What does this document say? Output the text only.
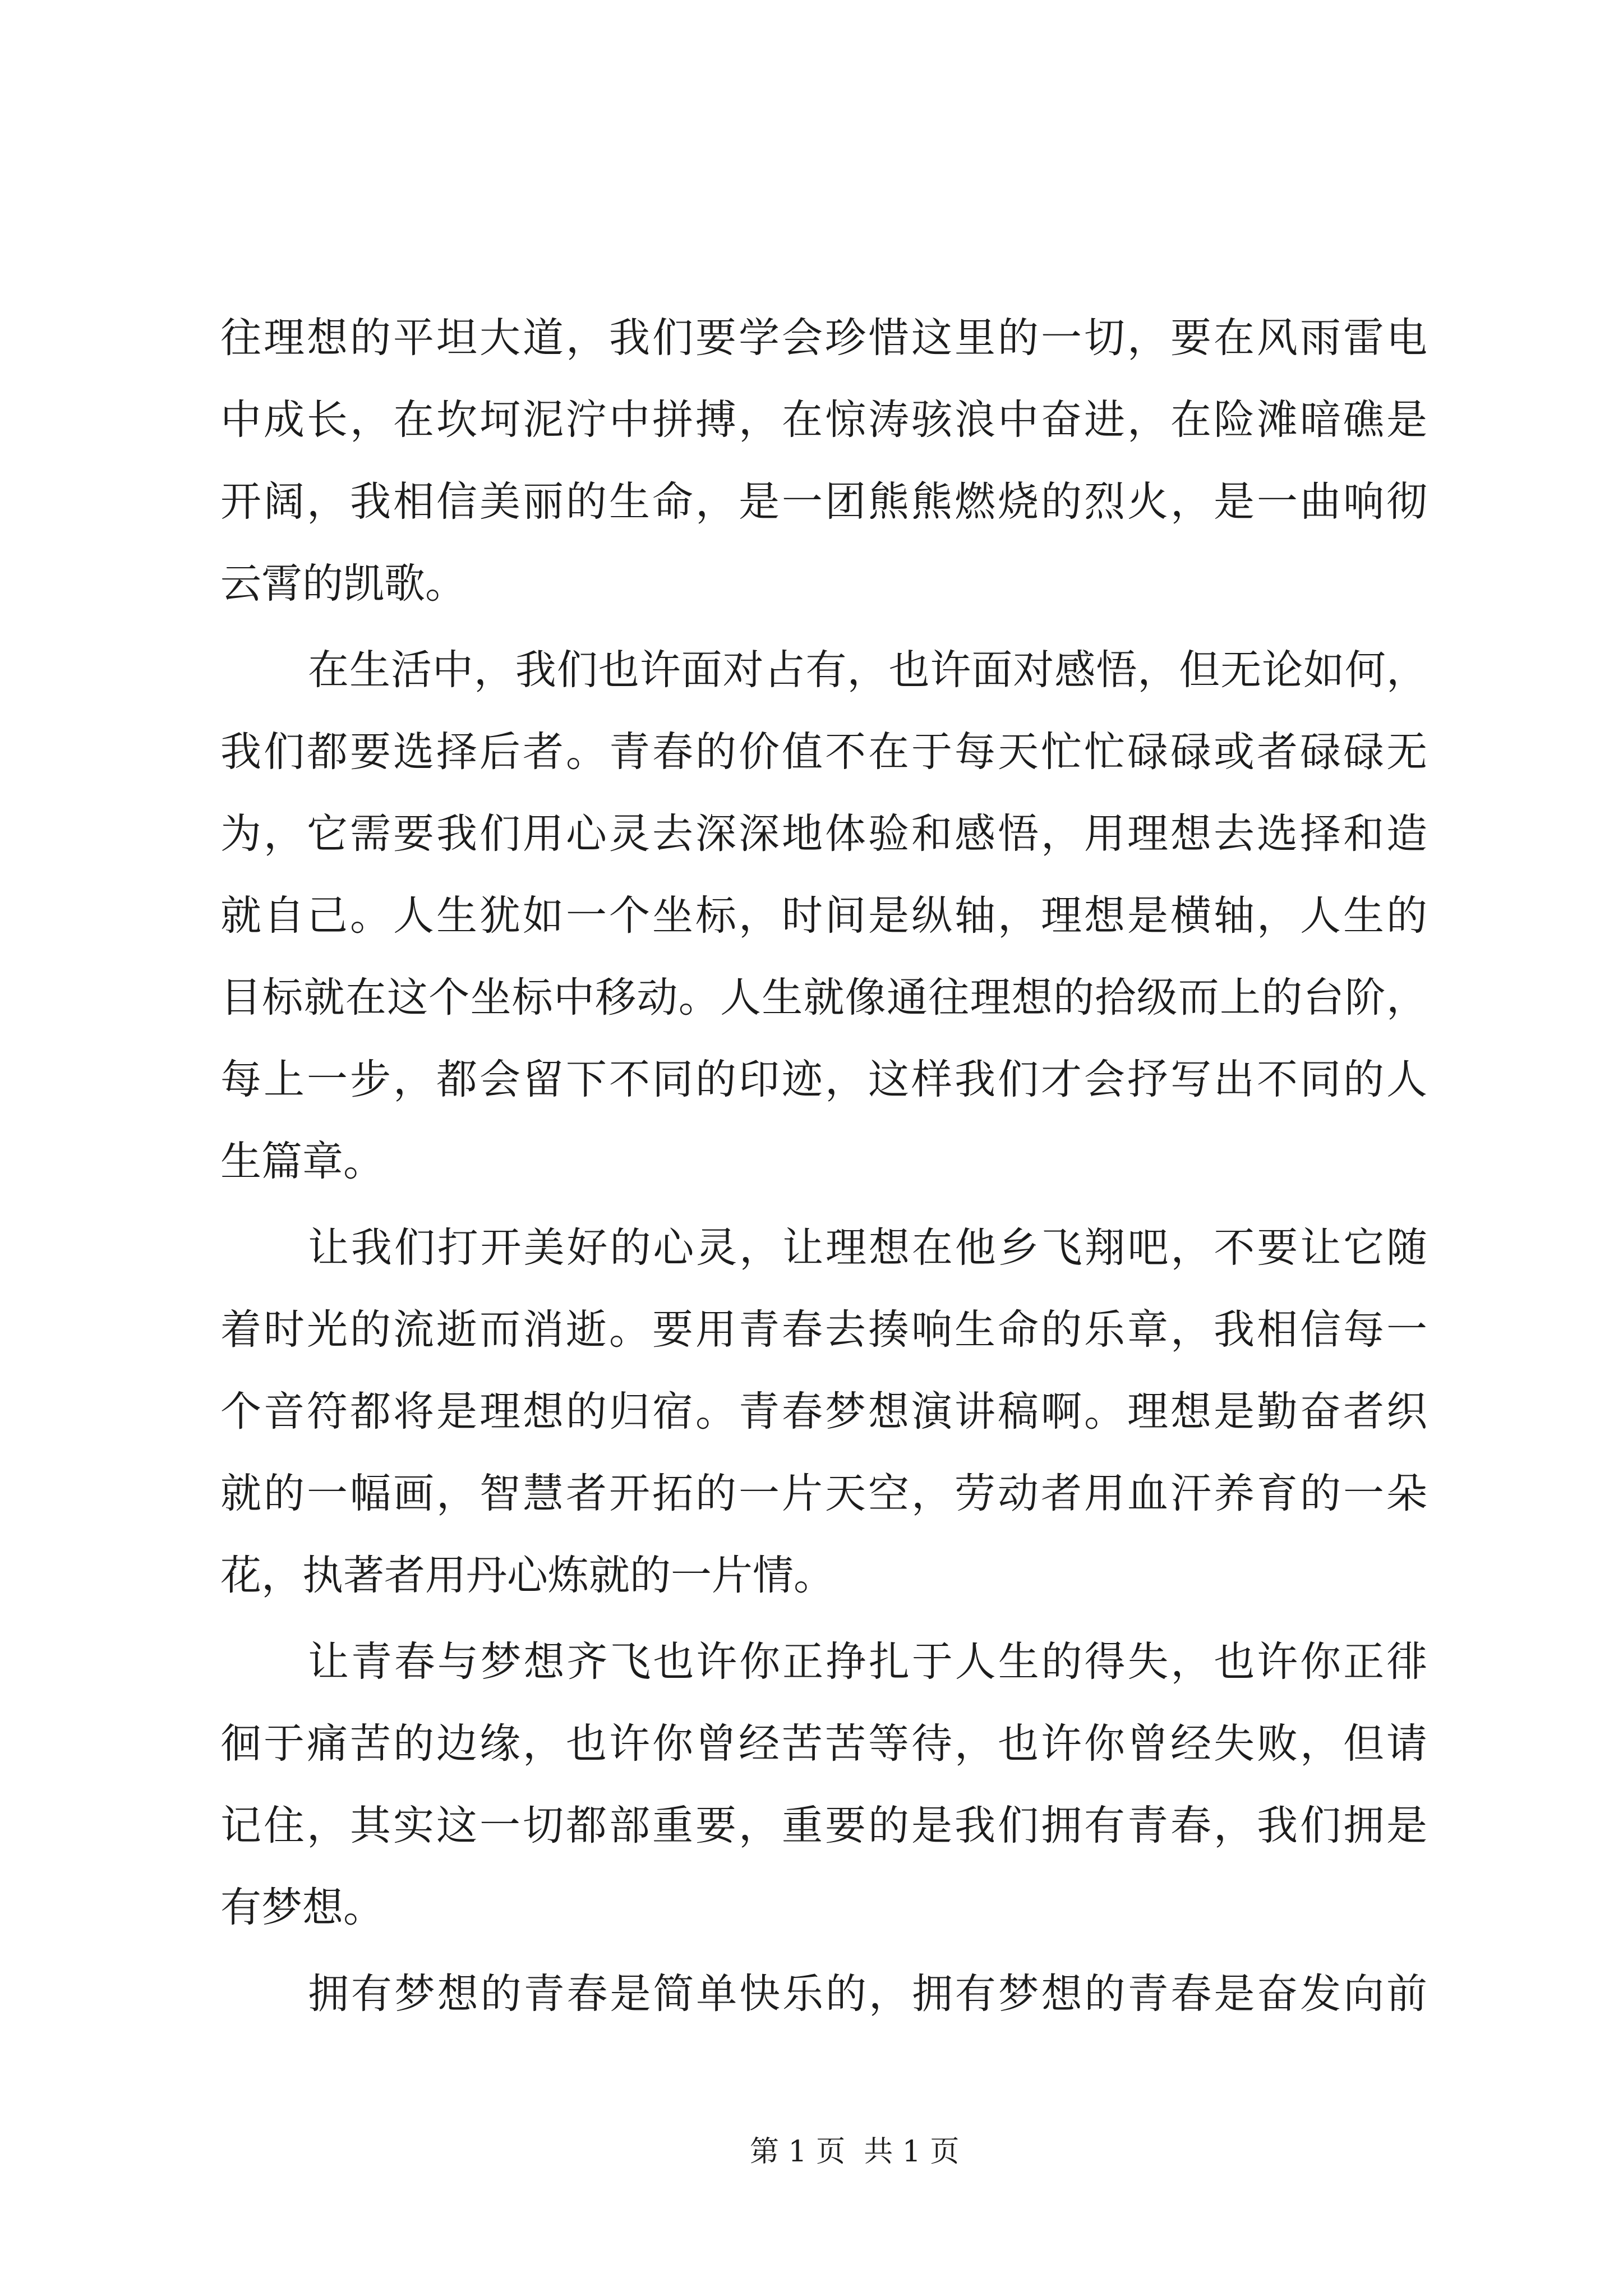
往理想的平坦大道，我们要学会珍惜这里的一切，要在风雨雷电
中成长，在坎坷泥泞中拼搏，在惊涛骇浪中奋进，在险滩暗礁是
开阔，我相信美丽的生命，是一团熊熊燃烧的烈火，是一曲响彻
云霄的凯歌。
在生活中，我们也许面对占有，也许面对感悟，但无论如何，
我们都要选择后者。青春的价值不在于每天忙忙碌碌或者碌碌无
为，它需要我们用心灵去深深地体验和感悟，用理想去选择和造
就自己。人生犹如一个坐标，时间是纵轴，理想是横轴，人生的
目标就在这个坐标中移动。人生就像通往理想的拾级而上的台阶，
每上一步，都会留下不同的印迹，这样我们才会抒写出不同的人
生篇章。
让我们打开美好的心灵，让理想在他乡飞翔吧，不要让它随
着时光的流逝而消逝。要用青春去揍响生命的乐章，我相信每一
个音符都将是理想的归宿。青春梦想演讲稿啊。理想是勤奋者织
就的一幅画，智慧者开拓的一片天空，劳动者用血汗养育的一朵
花，执著者用丹心炼就的一片情。
让青春与梦想齐飞也许你正挣扎于人生的得失，也许你正徘
徊于痛苦的边缘，也许你曾经苦苦等待，也许你曾经失败，但请
记住，其实这一切都部重要，重要的是我们拥有青春，我们拥是
有梦想。
拥有梦想的青春是简单快乐的，拥有梦想的青春是奋发向前
第 1 页  共 1 页
